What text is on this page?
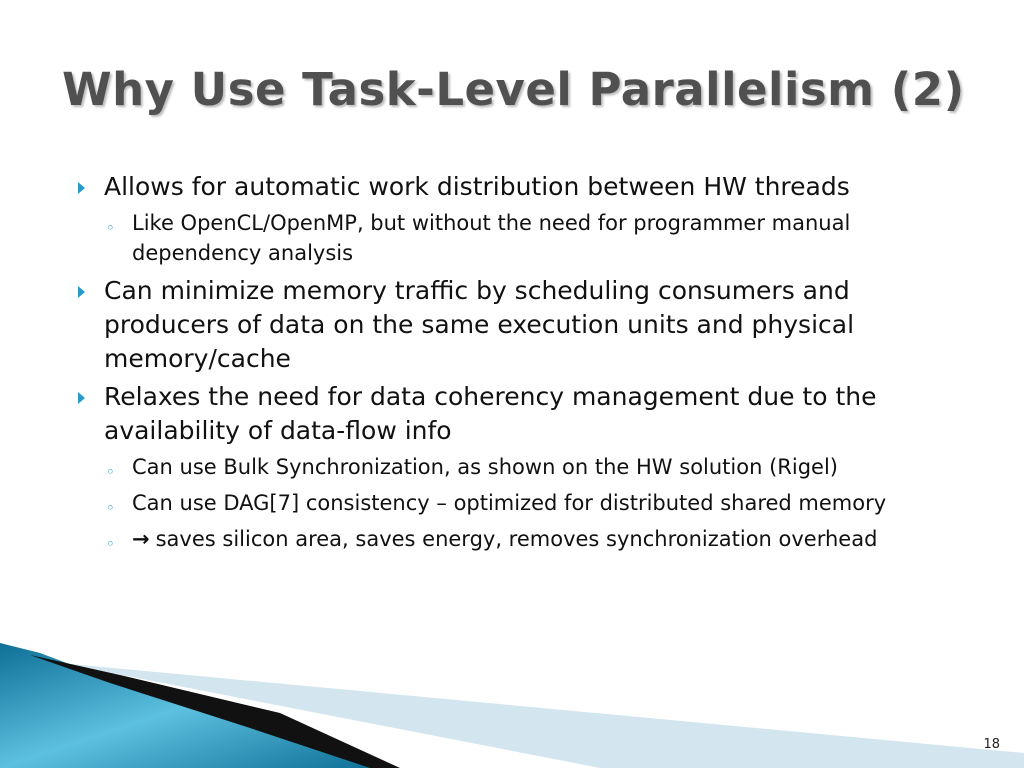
Why Use Task-Level Parallelism (2)
Allows for automatic work distribution between HW threads
◦ Like OpenCL/OpenMP, but without the need for programmer manual dependency analysis
Can minimize memory traffic by scheduling consumers and producers of data on the same execution units and physical memory/cache
Relaxes the need for data coherency management due to the availability of data-flow info
◦ Can use Bulk Synchronization, as shown on the HW solution (Rigel)
◦ Can use DAG[7] consistency – optimized for distributed shared memory
◦ → saves silicon area, saves energy, removes synchronization overhead
18
